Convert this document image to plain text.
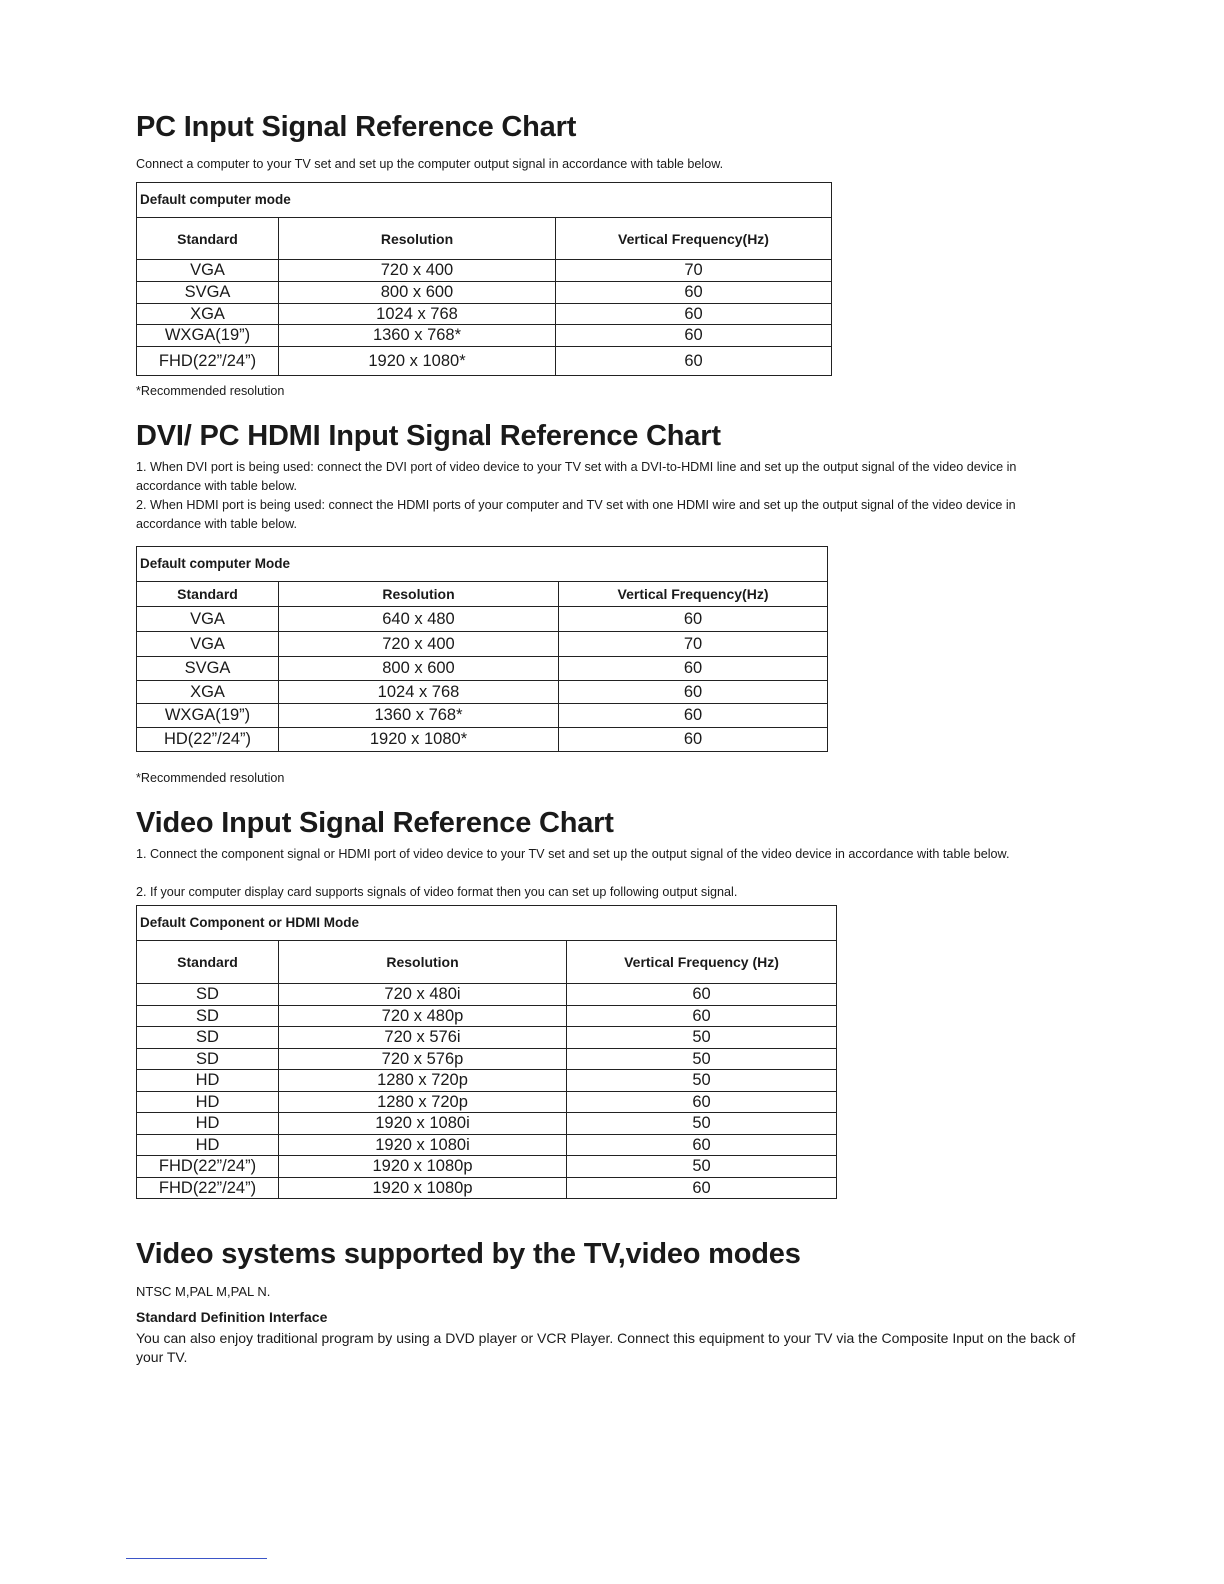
PC Input Signal Reference Chart
Connect a computer to your TV set and set up the computer output signal in accordance with table below.
Default computer mode		
Standard	Resolution	Vertical Frequency(Hz)
VGA	720 x 400	70
SVGA	800 x 600	60
XGA	1024 x 768	60
WXGA(19”)	1360 x 768*	60
FHD(22”/24”)	1920 x 1080*	60
*Recommended resolution
DVI/ PC HDMI Input Signal Reference Chart
1. When DVI port is being used: connect the DVI port of video device to your TV set with a DVI-to-HDMI line and set up the output signal of the video device in accordance with table below.
2. When HDMI port is being used: connect the HDMI ports of your computer and TV set with one HDMI wire and set up the output signal of the video device in accordance with table below.
Default computer Mode		
Standard	Resolution	Vertical Frequency(Hz)
VGA	640 x 480	60
VGA	720 x 400	70
SVGA	800 x 600	60
XGA	1024 x 768	60
WXGA(19”)	1360 x 768*	60
HD(22”/24”)	1920 x 1080*	60
*Recommended resolution
Video Input Signal Reference Chart
1. Connect the component signal or HDMI port of video device to your TV set and set up the output signal of the video device in accordance with table below.
2. If your computer display card supports signals of video format then you can set up following output signal.
Default Component or HDMI Mode		
Standard	Resolution	Vertical Frequency (Hz)
SD	720 x 480i	60
SD	720 x 480p	60
SD	720 x 576i	50
SD	720 x 576p	50
HD	1280 x 720p	50
HD	1280 x 720p	60
HD	1920 x 1080i	50
HD	1920 x 1080i	60
FHD(22”/24”)	1920 x 1080p	50
FHD(22”/24”)	1920 x 1080p	60
Video systems supported by the TV,video modes
NTSC M,PAL M,PAL N.
Standard Definition Interface
You can also enjoy traditional program by using a DVD player or VCR Player. Connect this equipment to your TV via the Composite Input on the back of your TV.
